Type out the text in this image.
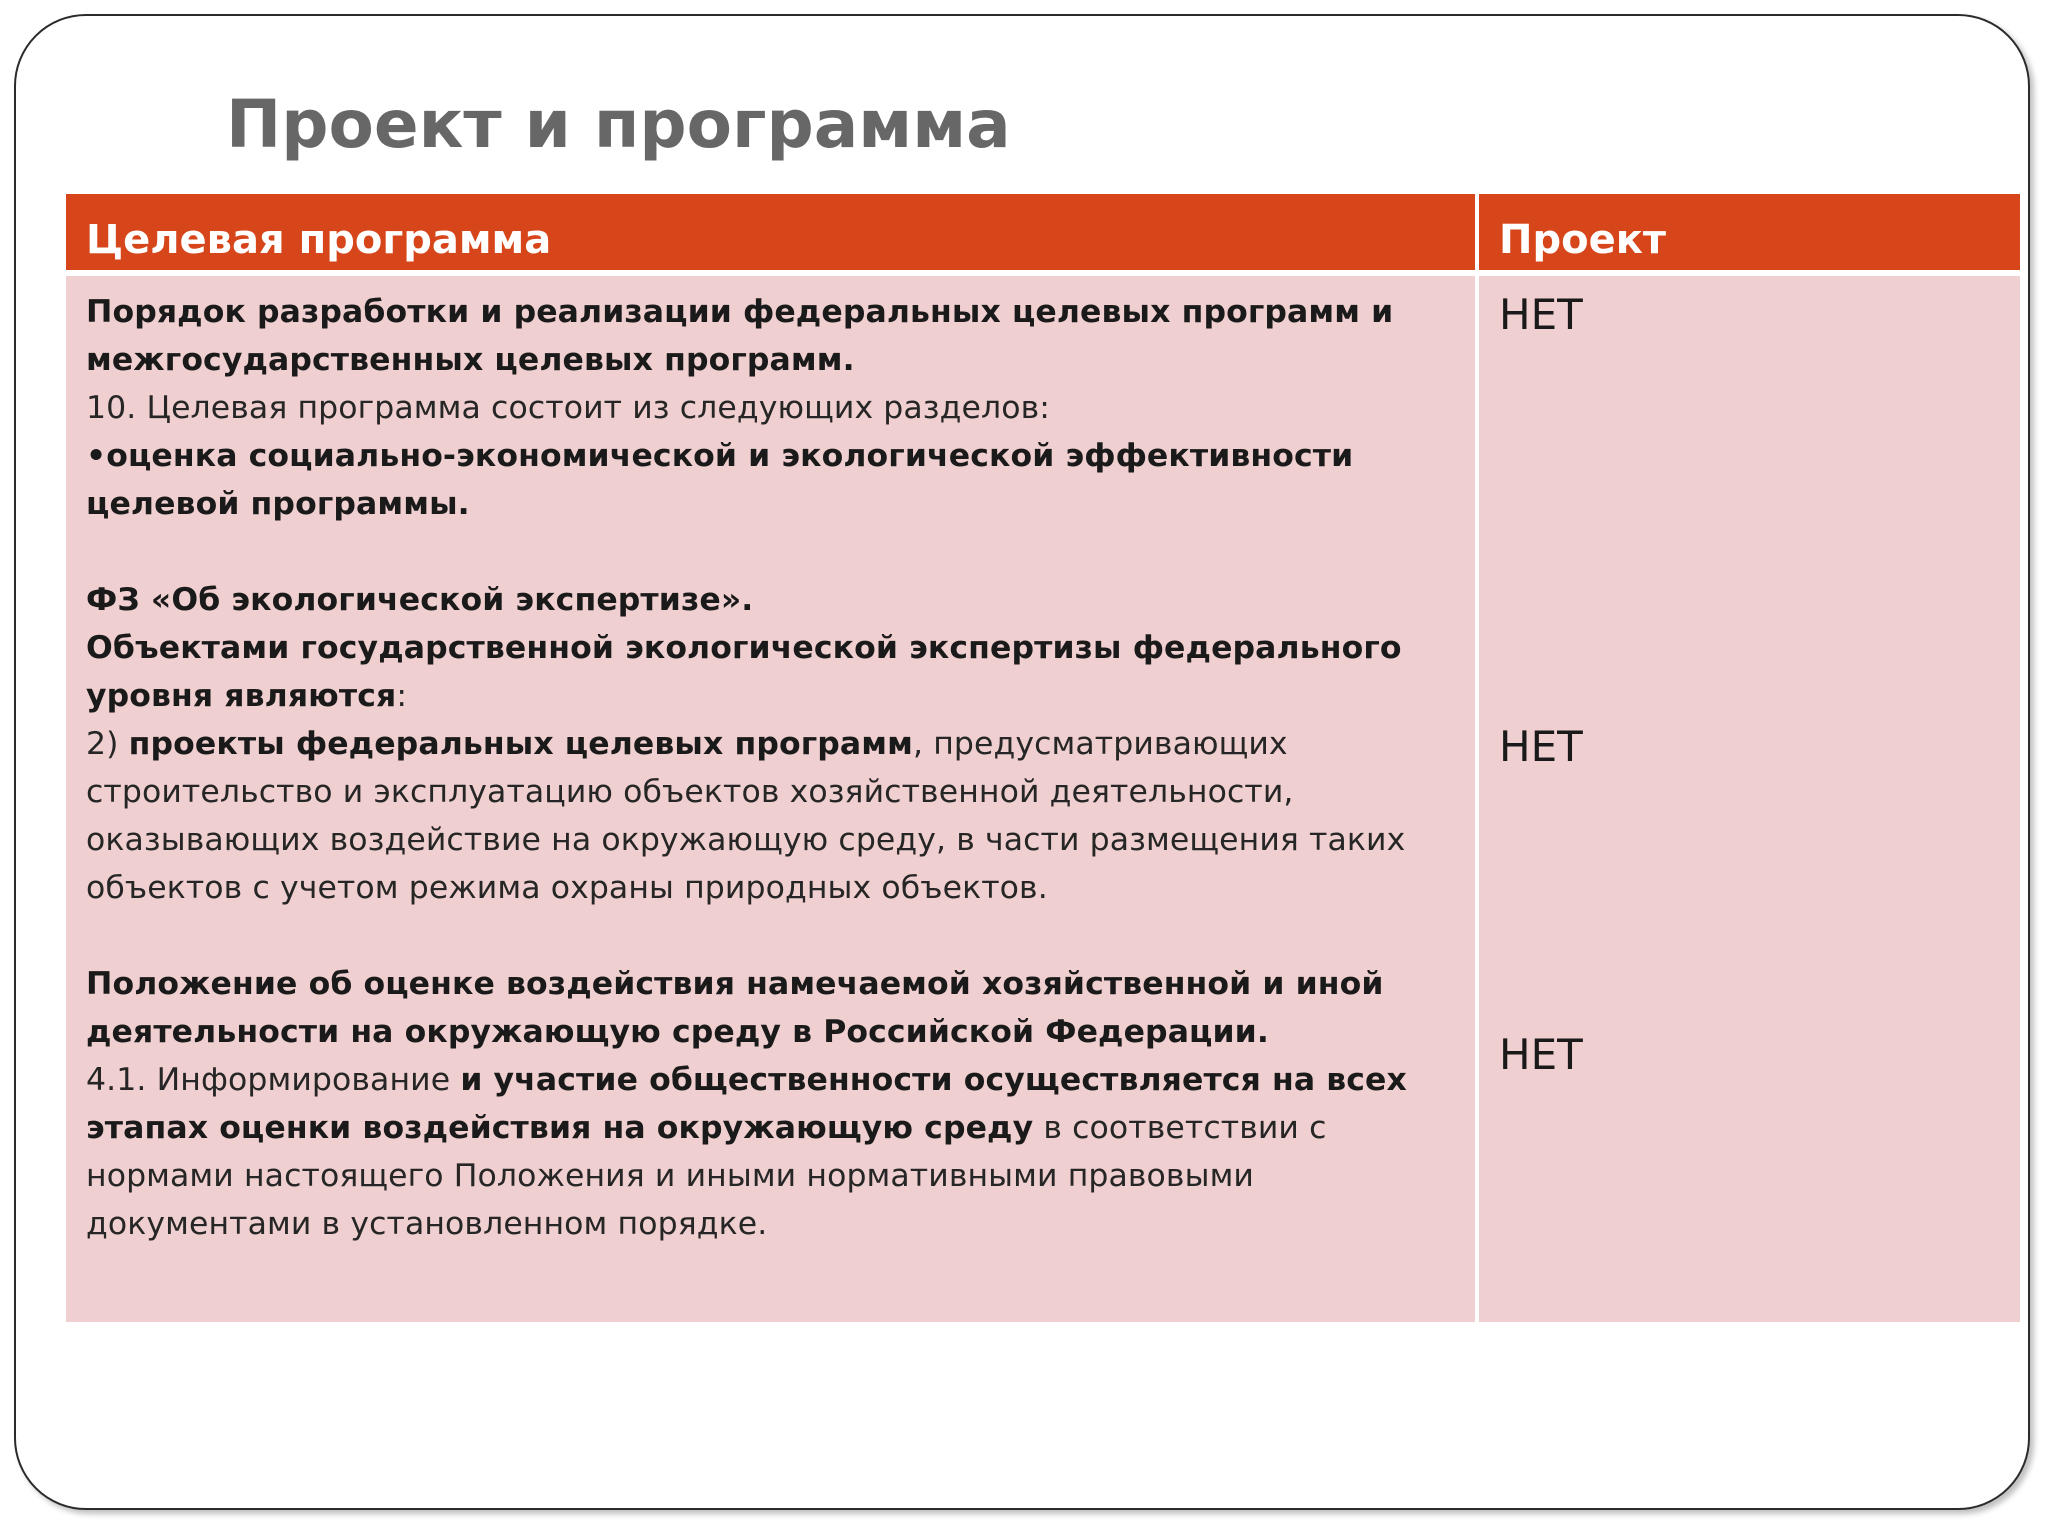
Проект и программа
Целевая программа	Проект
Порядок разработки и реализации федеральных целевых программ и межгосударственных целевых программ.
10. Целевая программа состоит из следующих разделов:
•оценка социально-экономической и экологической эффективности целевой программы.

ФЗ «Об экологической экспертизе».
Объектами государственной экологической экспертизы федерального уровня являются:
2) проекты федеральных целевых программ, предусматривающих строительство и эксплуатацию объектов хозяйственной деятельности, оказывающих воздействие на окружающую среду, в части размещения таких объектов с учетом режима охраны природных объектов.

Положение об оценке воздействия намечаемой хозяйственной и иной деятельности на окружающую среду в Российской Федерации.
4.1. Информирование и участие общественности осуществляется на всех этапах оценки воздействия на окружающую среду в соответствии с нормами настоящего Положения и иными нормативными правовыми документами в установленном порядке.
НЕТ
НЕТ
НЕТ
